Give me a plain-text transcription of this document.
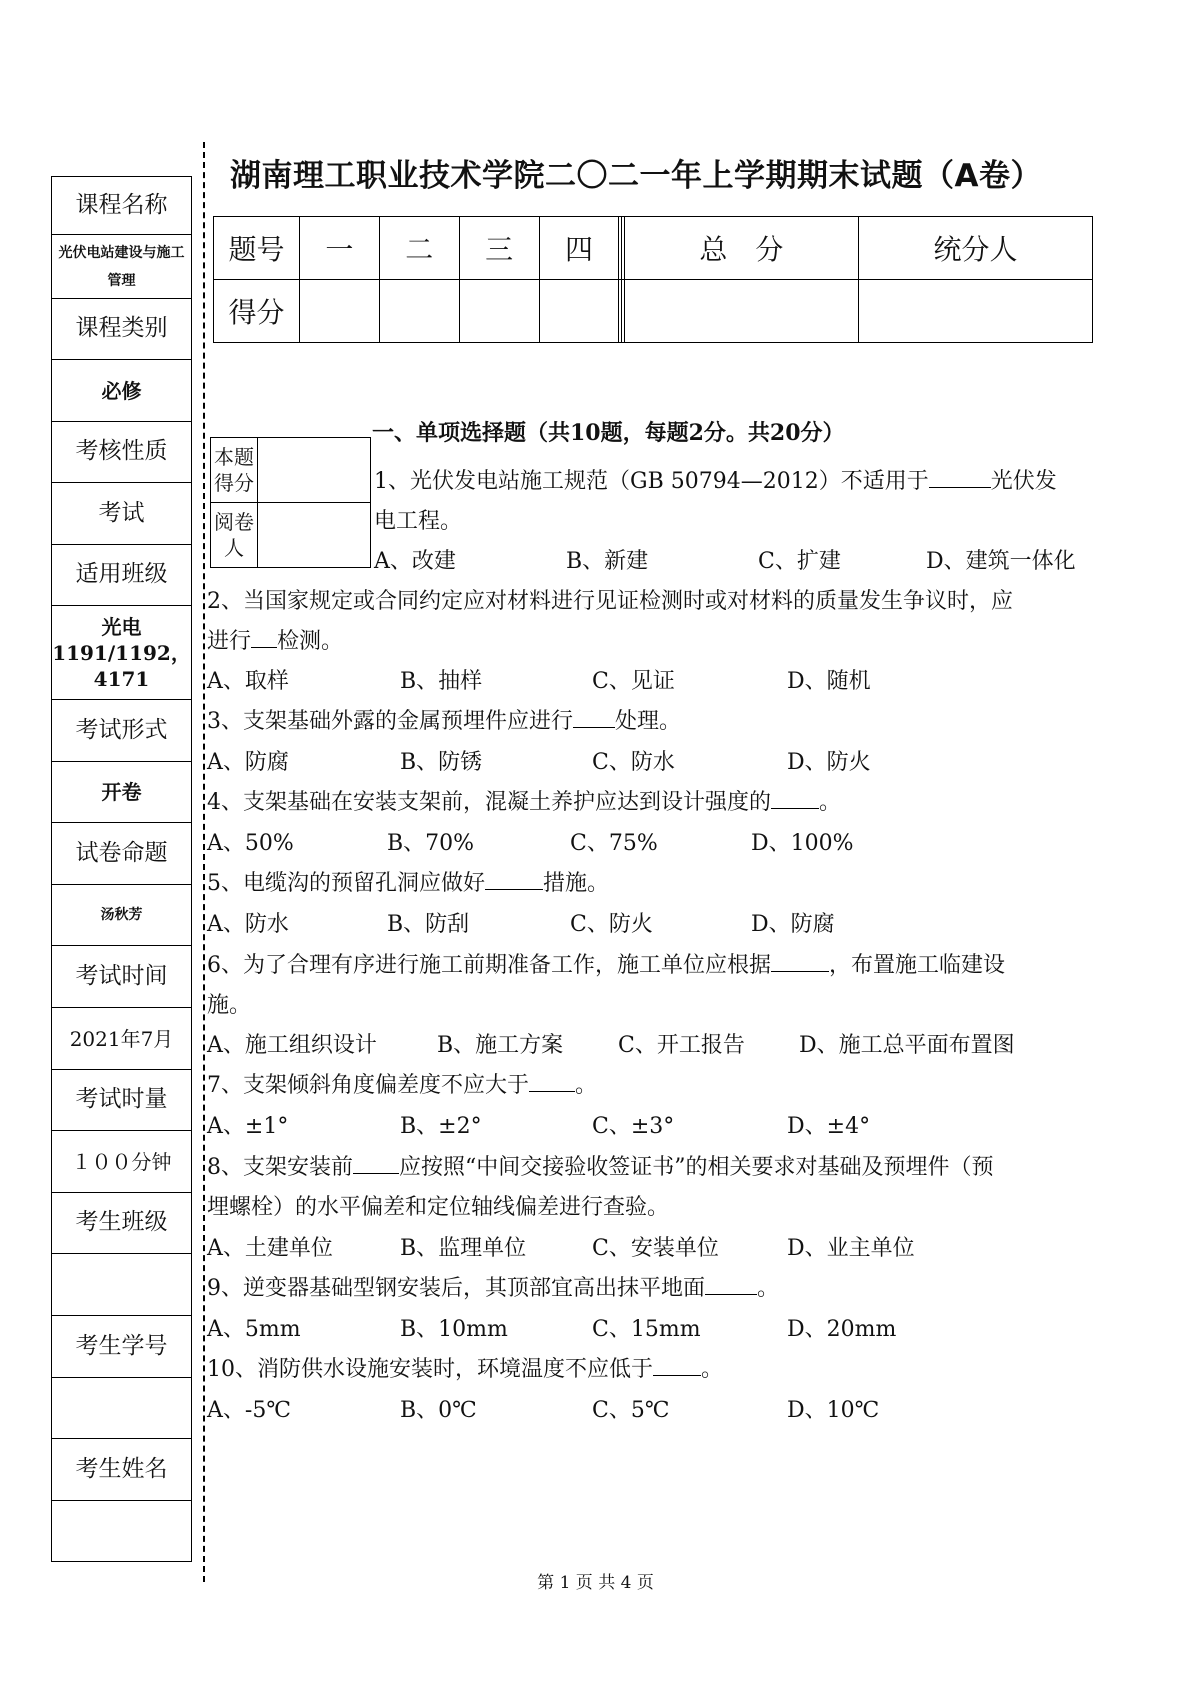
课程名称
光伏电站建设与施工管理
课程类别
必修
考核性质
考试
适用班级
光电 1191/1192，4171
考试形式
开卷
试卷命题
汤秋芳
考试时间
2021年7月
考试时量
１００分钟
考生班级
考生学号
考生姓名
湖南理工职业技术学院二〇二一年上学期期末试题（A卷）
题号	一	二	三	四			总　分	统分人
得分								
一、单项选择题（共10题，每题2分。共20分）
本题得分
阅卷人
1、光伏发电站施工规范（GB 50794—2012）不适用于	光伏发
电工程。
A、改建	B、新建	C、扩建	D、建筑一体化
2、当国家规定或合同约定应对材料进行见证检测时或对材料的质量发生争议时，应
进行 检测。
A、取样	B、抽样	C、见证	D、随机
3、支架基础外露的金属预埋件应进行 处理。
A、防腐	B、防锈	C、防水	D、防火
4、支架基础在安装支架前，混凝土养护应达到设计强度的 。
A、50%	B、70%	C、75%	D、100%
5、电缆沟的预留孔洞应做好	措施。
A、防水	B、防刮	C、防火	D、防腐
6、为了合理有序进行施工前期准备工作，施工单位应根据	，布置施工临建设
施。
A、施工组织设计	B、施工方案 C、开工报告 D、施工总平面布置图
7、支架倾斜角度偏差度不应大于 。
A、±1°	B、±2°	C、±3°	D、±4°
8、支架安装前 应按照“中间交接验收签证书”的相关要求对基础及预埋件（预
埋螺栓）的水平偏差和定位轴线偏差进行查验。
A、土建单位	B、监理单位	C、安装单位	D、业主单位
9、逆变器基础型钢安装后，其顶部宜高出抹平地面 。
A、5mm	B、10mm	C、15mm	D、20mm
10、消防供水设施安装时，环境温度不应低于 。
A、-5℃	B、0℃	C、5℃	D、10℃
第 1 页 共 4 页
